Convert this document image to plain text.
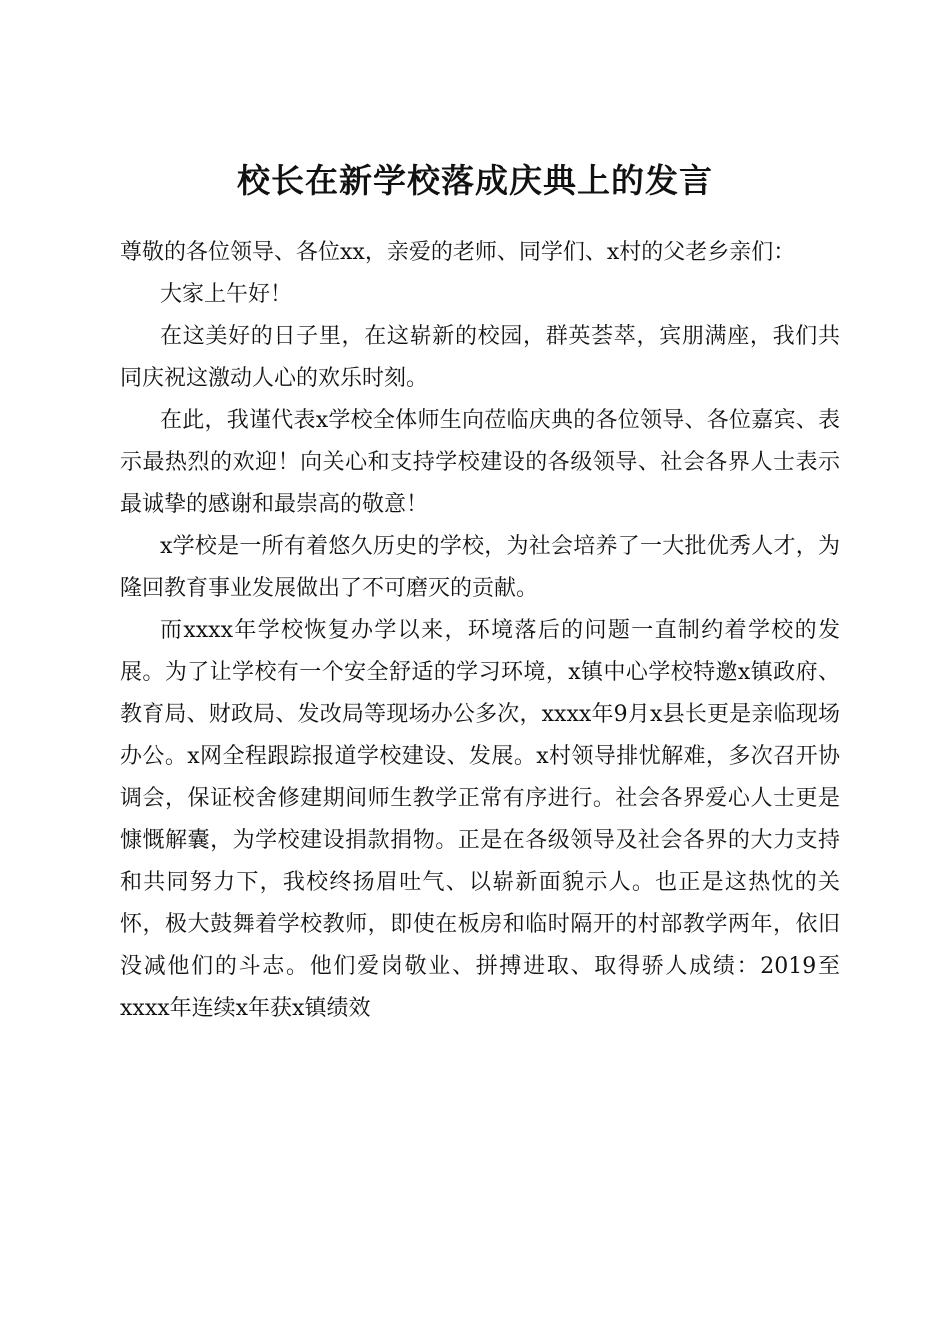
校长在新学校落成庆典上的发言

尊敬的各位领导、各位xx，亲爱的老师、同学们、x村的父老乡亲们：

大家上午好！

在这美好的日子里，在这崭新的校园，群英荟萃，宾朋满座，我们共同庆祝这激动人心的欢乐时刻。

在此，我谨代表x学校全体师生向莅临庆典的各位领导、各位嘉宾、表示最热烈的欢迎！向关心和支持学校建设的各级领导、社会各界人士表示最诚挚的感谢和最崇高的敬意！

x学校是一所有着悠久历史的学校，为社会培养了一大批优秀人才，为隆回教育事业发展做出了不可磨灭的贡献。

而xxxx年学校恢复办学以来，环境落后的问题一直制约着学校的发展。为了让学校有一个安全舒适的学习环境，x镇中心学校特邀x镇政府、教育局、财政局、发改局等现场办公多次，xxxx年9月x县长更是亲临现场办公。x网全程跟踪报道学校建设、发展。x村领导排忧解难，多次召开协调会，保证校舍修建期间师生教学正常有序进行。社会各界爱心人士更是慷慨解囊，为学校建设捐款捐物。正是在各级领导及社会各界的大力支持和共同努力下，我校终扬眉吐气、以崭新面貌示人。也正是这热忱的关怀，极大鼓舞着学校教师，即使在板房和临时隔开的村部教学两年，依旧没减他们的斗志。他们爱岗敬业、拼搏进取、取得骄人成绩：2019至xxxx年连续x年获x镇绩效
